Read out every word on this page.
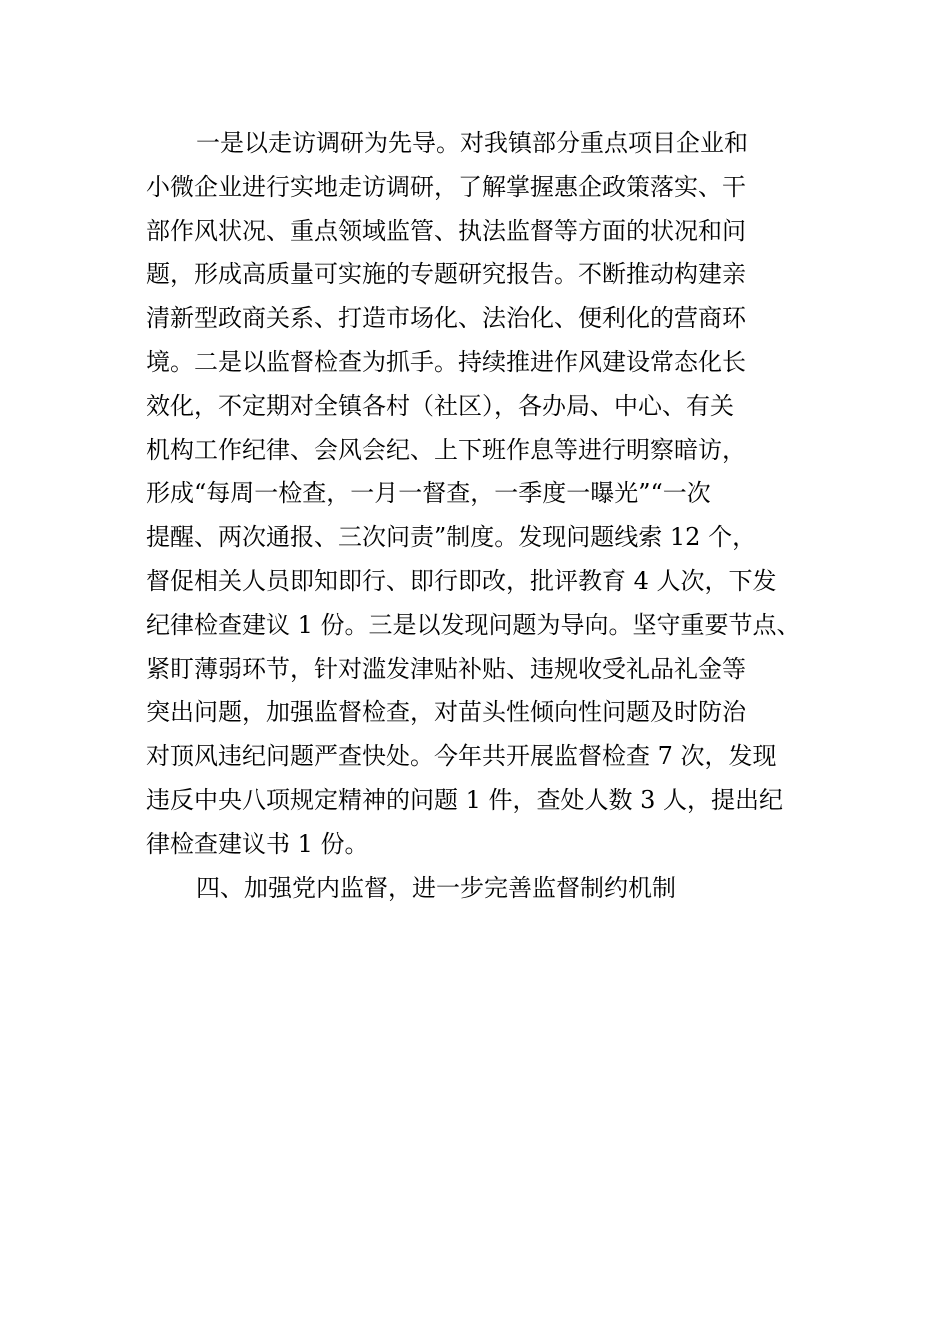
一是以走访调研为先导。对我镇部分重点项目企业和

小微企业进行实地走访调研，了解掌握惠企政策落实、干

部作风状况、重点领域监管、执法监督等方面的状况和问

题，形成高质量可实施的专题研究报告。不断推动构建亲

清新型政商关系、打造市场化、法治化、便利化的营商环

境。二是以监督检查为抓手。持续推进作风建设常态化长

效化，不定期对全镇各村（社区），各办局、中心、有关

机构工作纪律、会风会纪、上下班作息等进行明察暗访，

形成“每周一检查，一月一督查，一季度一曝光”“一次

提醒、两次通报、三次问责”制度。发现问题线索 12 个，

督促相关人员即知即行、即行即改，批评教育 4 人次，下发

纪律检查建议 1 份。三是以发现问题为导向。坚守重要节点、

紧盯薄弱环节，针对滥发津贴补贴、违规收受礼品礼金等

突出问题，加强监督检查，对苗头性倾向性问题及时防治

对顶风违纪问题严查快处。今年共开展监督检查 7 次，发现

违反中央八项规定精神的问题 1 件，查处人数 3 人，提出纪

律检查建议书 1 份。

四、加强党内监督，进一步完善监督制约机制
